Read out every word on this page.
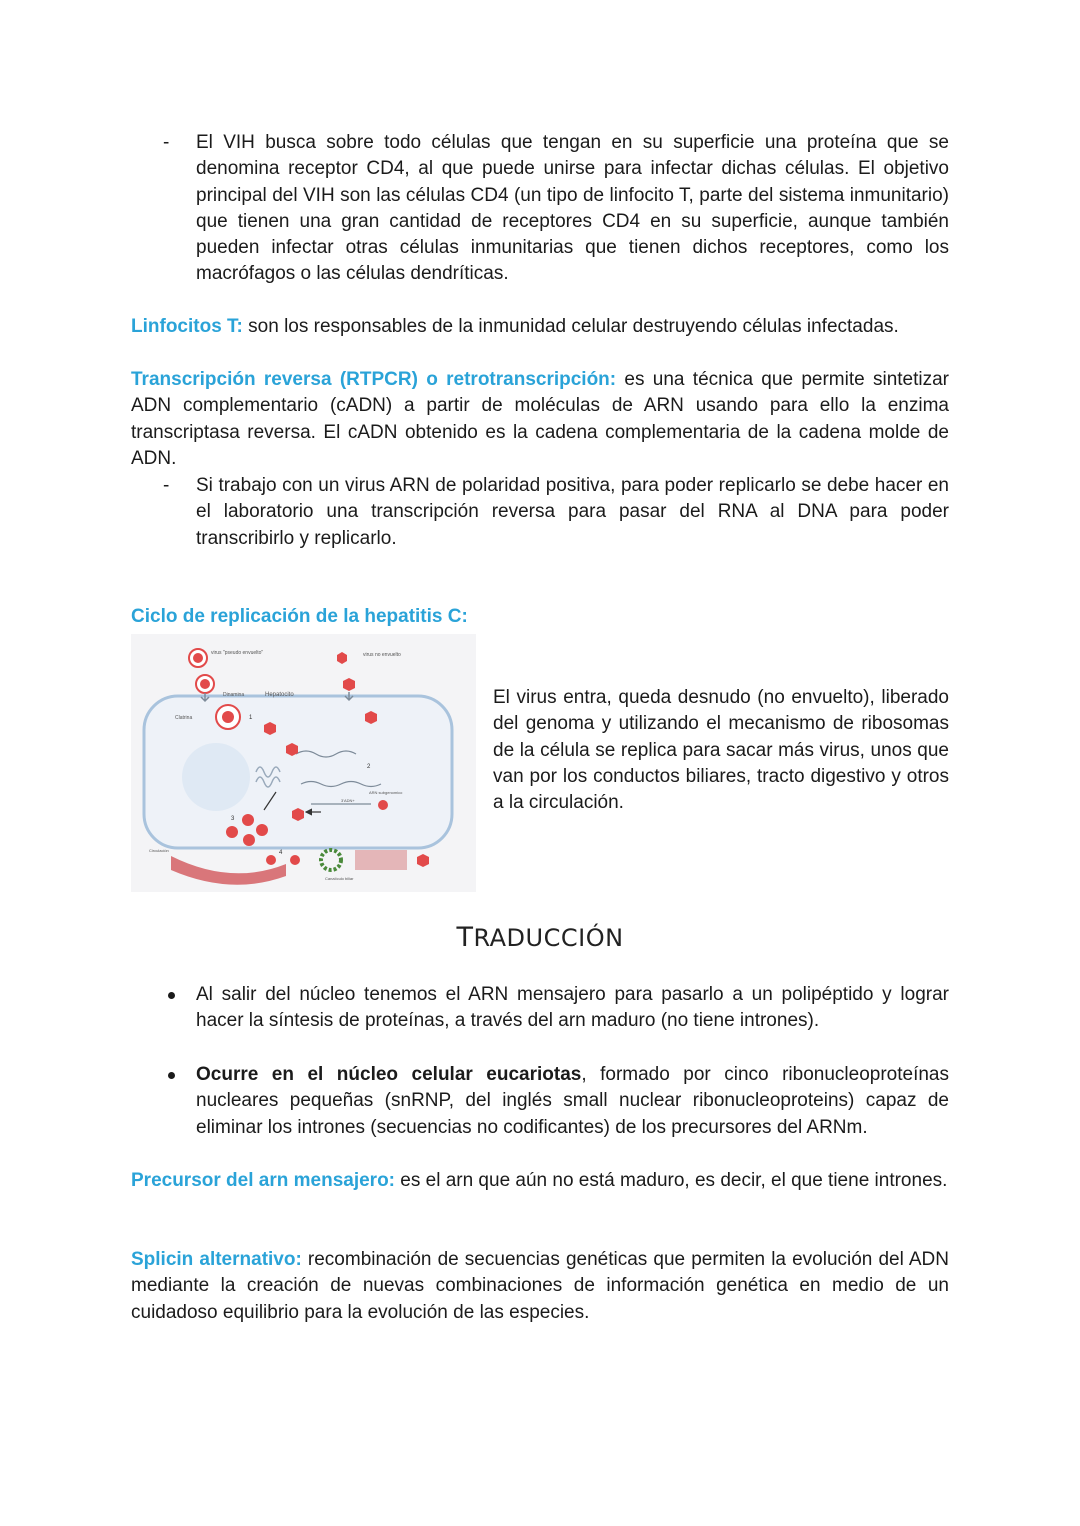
-	El VIH busca sobre todo células que tengan en su superficie una proteína que se denomina receptor CD4, al que puede unirse para infectar dichas células. El objetivo principal del VIH son las células CD4 (un tipo de linfocito T, parte del sistema inmunitario) que tienen una gran cantidad de receptores CD4 en su superficie, aunque también pueden infectar otras células inmunitarias que tienen dichos receptores, como los macrófagos o las células dendríticas.

Linfocitos T: son los responsables de la inmunidad celular destruyendo células infectadas.

Transcripción reversa (RTPCR) o retrotranscripción: es una técnica que permite sintetizar ADN complementario (cADN) a partir de moléculas de ARN usando para ello la enzima transcriptasa reversa. El cADN obtenido es la cadena complementaria de la cadena molde de ADN.

-	Si trabajo con un virus ARN de polaridad positiva, para poder replicarlo se debe hacer en el laboratorio una transcripción reversa para pasar del RNA al DNA para poder transcribirlo y replicarlo.

Ciclo de replicación de la hepatitis C:

virus "pseudo envuelto"	virus no envuelto
Dinamina	Hepatocito
Clatrina	1
2
3
4
ARN subgenomico
3'ADN+
Circulación
Canalículo biliar

El virus entra, queda desnudo (no envuelto), liberado del genoma y utilizando el mecanismo de ribosomas de la célula se replica para sacar más virus, unos que van por los conductos biliares, tracto digestivo y otros a la circulación.

TRADUCCIÓN
Al salir del núcleo tenemos el ARN mensajero para pasarlo a un polipéptido y lograr hacer la síntesis de proteínas, a través del arn maduro (no tiene intrones).
Ocurre en el núcleo celular eucariotas, formado por cinco ribonucleoproteínas nucleares pequeñas (snRNP, del inglés small nuclear ribonucleoproteins) capaz de eliminar los intrones (secuencias no codificantes) de los precursores del ARNm.

Precursor del arn mensajero: es el arn que aún no está maduro, es decir, el que tiene intrones.

Splicin alternativo: recombinación de secuencias genéticas que permiten la evolución del ADN mediante la creación de nuevas combinaciones de información genética en medio de un cuidadoso equilibrio para la evolución de las especies.
